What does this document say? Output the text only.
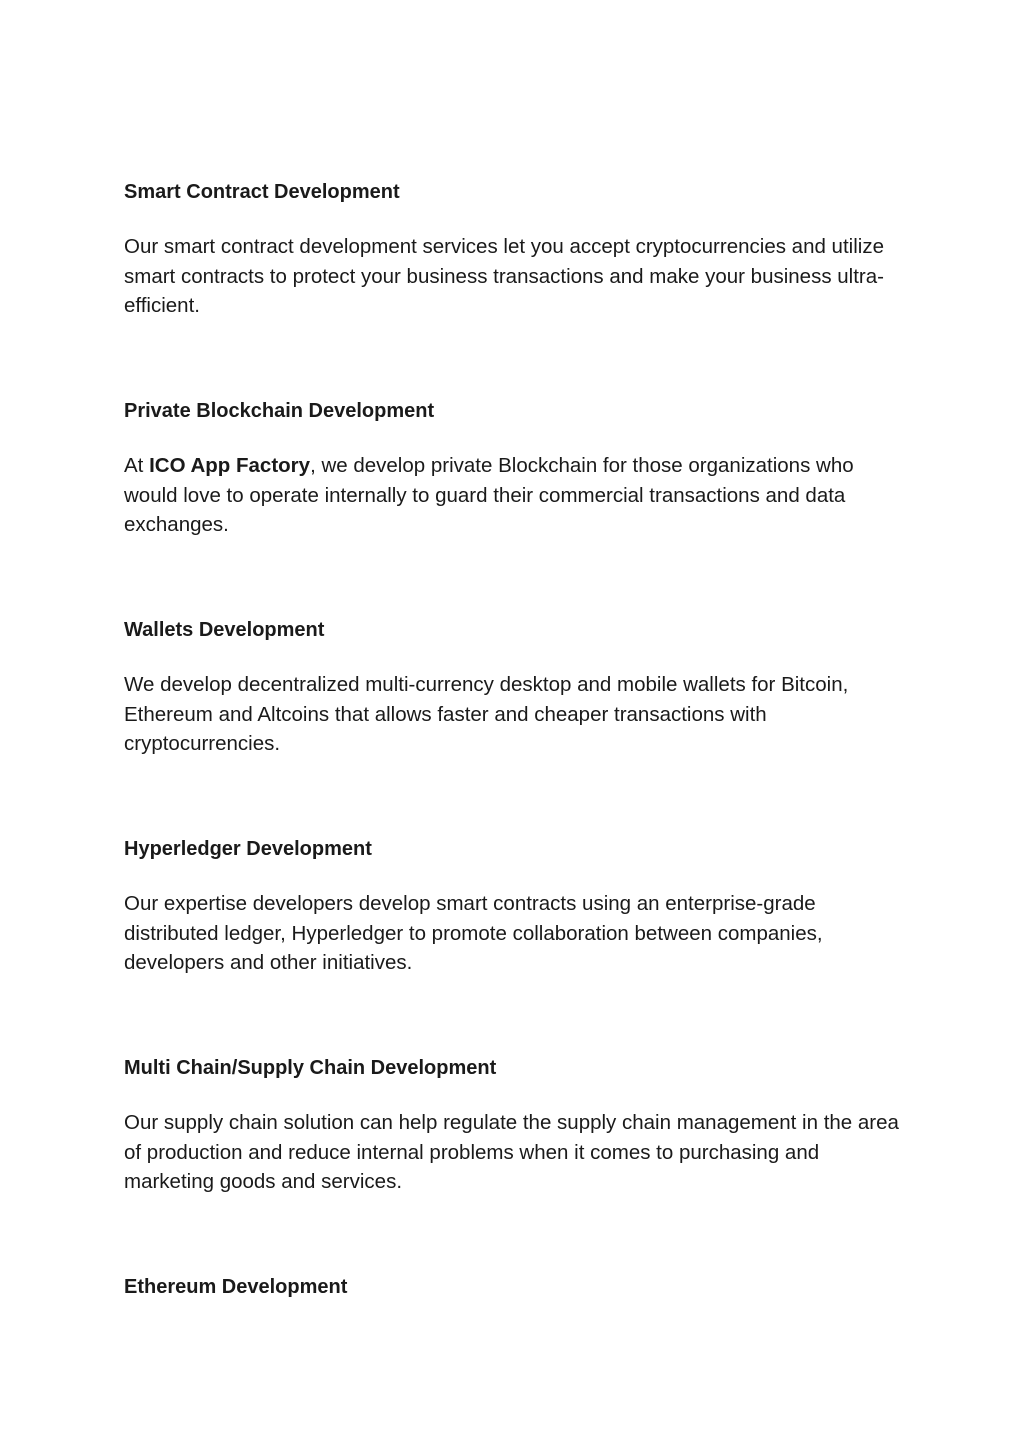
Smart Contract Development

Our smart contract development services let you accept cryptocurrencies and utilize smart contracts to protect your business transactions and make your business ultra-efficient.

Private Blockchain Development

At ICO App Factory, we develop private Blockchain for those organizations who would love to operate internally to guard their commercial transactions and data exchanges.

Wallets Development

We develop decentralized multi-currency desktop and mobile wallets for Bitcoin, Ethereum and Altcoins that allows faster and cheaper transactions with cryptocurrencies.

Hyperledger Development

Our expertise developers develop smart contracts using an enterprise-grade distributed ledger, Hyperledger to promote collaboration between companies, developers and other initiatives.

Multi Chain/Supply Chain Development

Our supply chain solution can help regulate the supply chain management in the area of production and reduce internal problems when it comes to purchasing and marketing goods and services.

Ethereum Development
